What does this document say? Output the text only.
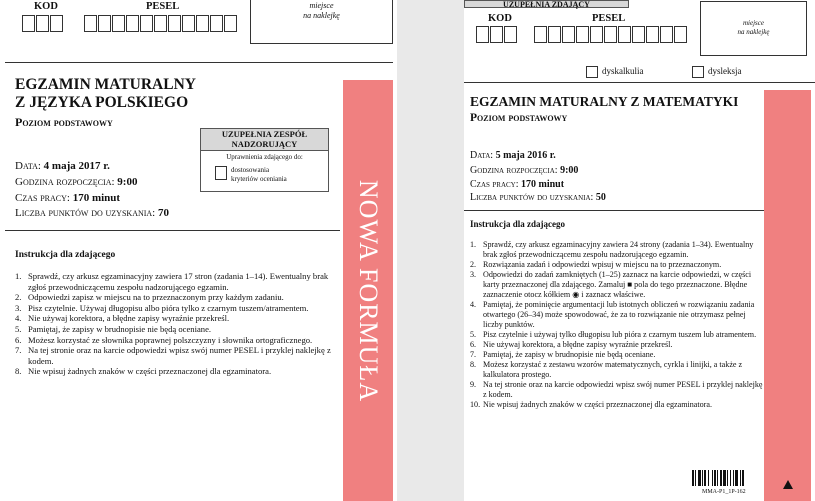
KOD	PESEL	miejsce
na naklejkę
EGZAMIN MATURALNY
Z JĘZYKA POLSKIEGO
Poziom podstawowy
UZUPEŁNIA ZESPÓŁ
NADZORUJĄCY
Uprawnienia zdającego do:
dostosowania
kryteriów oceniania
Data: 4 maja 2017 r.
Godzina rozpoczęcia: 9:00
Czas pracy: 170 minut
Liczba punktów do uzyskania: 70
Instrukcja dla zdającego
1. Sprawdź, czy arkusz egzaminacyjny zawiera 17 stron (zadania 1–14). Ewentualny brak zgłoś przewodniczącemu zespołu nadzorującego egzamin.
2. Odpowiedzi zapisz w miejscu na to przeznaczonym przy każdym zadaniu.
3. Pisz czytelnie. Używaj długopisu albo pióra tylko z czarnym tuszem/atramentem.
4. Nie używaj korektora, a błędne zapisy wyraźnie przekreśl.
5. Pamiętaj, że zapisy w brudnopisie nie będą oceniane.
6. Możesz korzystać ze słownika poprawnej polszczyzny i słownika ortograficznego.
7. Na tej stronie oraz na karcie odpowiedzi wpisz swój numer PESEL i przyklej naklejkę z kodem.
8. Nie wpisuj żadnych znaków w części przeznaczonej dla egzaminatora.	NOWA FORMUŁA
UZUPEŁNIA ZDAJĄCY
KOD	PESEL	miejsce
na naklejkę
dyskalkulia	dysleksja
EGZAMIN MATURALNY Z MATEMATYKI
Poziom podstawowy
Data: 5 maja 2016 r.
Godzina rozpoczęcia: 9:00
Czas pracy: 170 minut
Liczba punktów do uzyskania: 50
Instrukcja dla zdającego
1. Sprawdź, czy arkusz egzaminacyjny zawiera 24 strony (zadania 1–34). Ewentualny brak zgłoś przewodniczącemu zespołu nadzorującego egzamin.
2. Rozwiązania zadań i odpowiedzi wpisuj w miejscu na to przeznaczonym.
3. Odpowiedzi do zadań zamkniętych (1–25) zaznacz na karcie odpowiedzi, w części karty przeznaczonej dla zdającego. Zamaluj ■ pola do tego przeznaczone. Błędne zaznaczenie otocz kółkiem ◉ i zaznacz właściwe.
4. Pamiętaj, że pominięcie argumentacji lub istotnych obliczeń w rozwiązaniu zadania otwartego (26–34) może spowodować, że za to rozwiązanie nie otrzymasz pełnej liczby punktów.
5. Pisz czytelnie i używaj tylko długopisu lub pióra z czarnym tuszem lub atramentem.
6. Nie używaj korektora, a błędne zapisy wyraźnie przekreśl.
7. Pamiętaj, że zapisy w brudnopisie nie będą oceniane.
8. Możesz korzystać z zestawu wzorów matematycznych, cyrkla i linijki, a także z kalkulatora prostego.
9. Na tej stronie oraz na karcie odpowiedzi wpisz swój numer PESEL i przyklej naklejkę z kodem.
10. Nie wpisuj żadnych znaków w części przeznaczonej dla egzaminatora.
MMA-P1_1P-162
